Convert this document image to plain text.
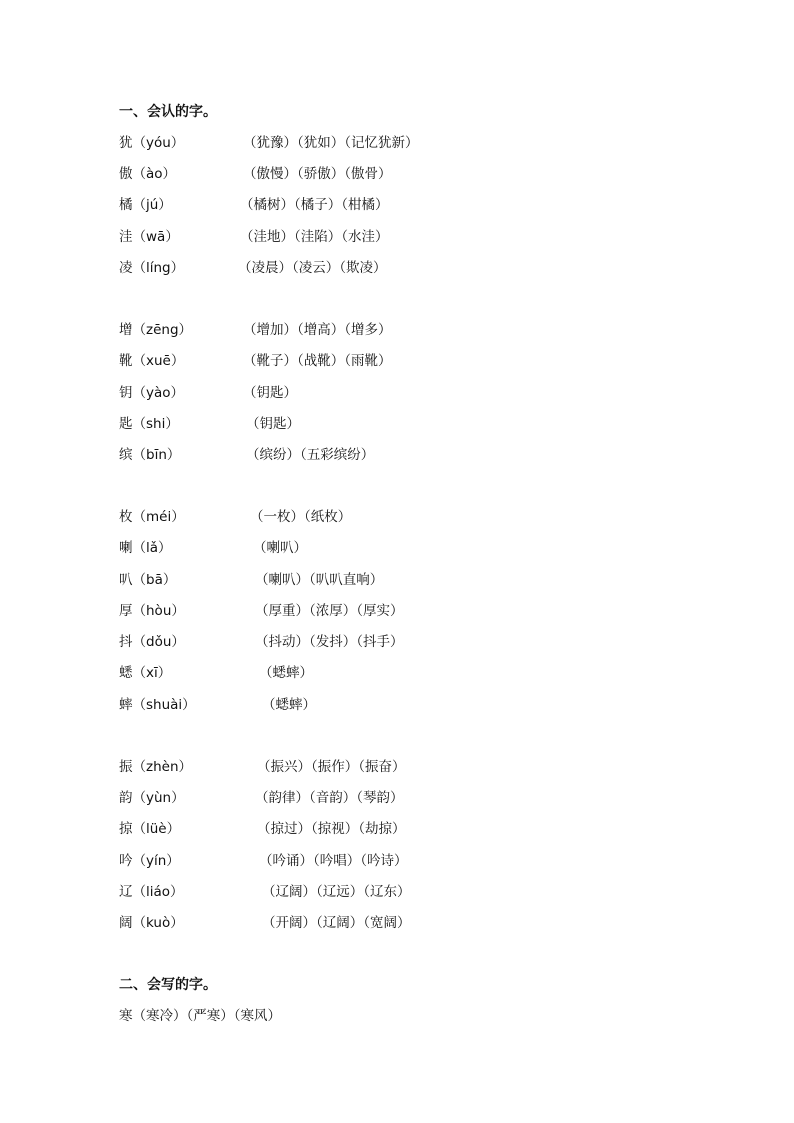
一、会认的字。
犹（yóu）	（犹豫）（犹如）（记忆犹新）
傲（ào）	（傲慢）（骄傲）（傲骨）
橘（jú）	（橘树）（橘子）（柑橘）
洼（wā）	（洼地）（洼陷）（水洼）
凌（líng）	（凌晨）（凌云）（欺凌）
增（zēng）	（增加）（增高）（增多）
靴（xuē）	（靴子）（战靴）（雨靴）
钥（yào）	（钥匙）
匙（shi）	（钥匙）
缤（bīn）	（缤纷）（五彩缤纷）
枚（méi）	（一枚）（纸枚）
喇（lǎ）	（喇叭）
叭（bā）	（喇叭）（叭叭直响）
厚（hòu）	（厚重）（浓厚）（厚实）
抖（dǒu）	（抖动）（发抖）（抖手）
蟋（xī）	（蟋蟀）
蟀（shuài）	（蟋蟀）
振（zhèn）	（振兴）（振作）（振奋）
韵（yùn）	（韵律）（音韵）（琴韵）
掠（lüè）	（掠过）（掠视）（劫掠）
吟（yín）	（吟诵）（吟唱）（吟诗）
辽（liáo）	（辽阔）（辽远）（辽东）
阔（kuò）	（开阔）（辽阔）（宽阔）
二、会写的字。
寒（寒冷）（严寒）（寒风）
